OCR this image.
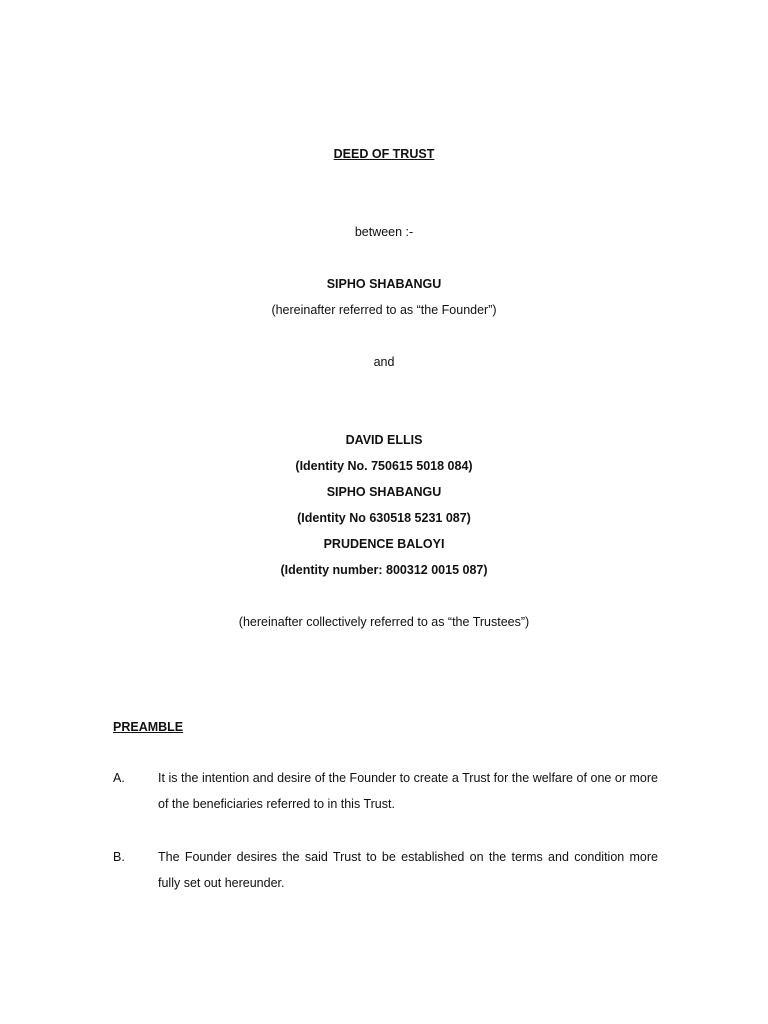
DEED OF TRUST
between :-
SIPHO SHABANGU
(hereinafter referred to as “the Founder”)
and
DAVID ELLIS
(Identity No. 750615 5018 084)
SIPHO SHABANGU
(Identity No 630518 5231 087)
PRUDENCE BALOYI
(Identity number: 800312 0015 087)
(hereinafter collectively referred to as “the Trustees”)
PREAMBLE
A.	It is the intention and desire of the Founder to create a Trust for the welfare of one or more of the beneficiaries referred to in this Trust.
B.	The Founder desires the said Trust to be established on the terms and condition more fully set out hereunder.
